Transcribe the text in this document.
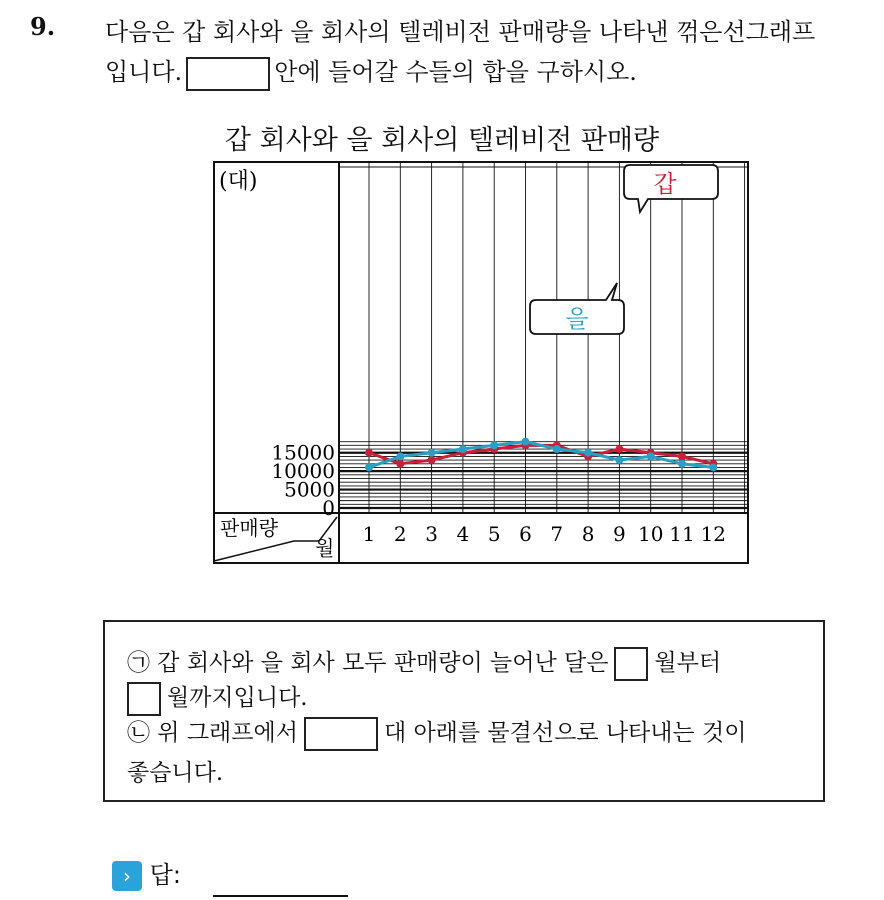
9. 다음은 갑 회사와 을 회사의 텔레비전 판매량을 나타낸 꺾은선그래프
입니다.	안에 들어갈 수들의 합을 구하시오.
갑 회사와 을 회사의 텔레비전 판매량
(대)
0
5000
10000
15000
1 2 3 4 5 6 7 8 9 10 11 12
판매량
월
갑
을
㉠ 갑 회사와 을 회사 모두 판매량이 늘어난 달은 월부터
월까지입니다.
㉡ 위 그래프에서	대 아래를 물결선으로 나타내는 것이
좋습니다.
› 답:
